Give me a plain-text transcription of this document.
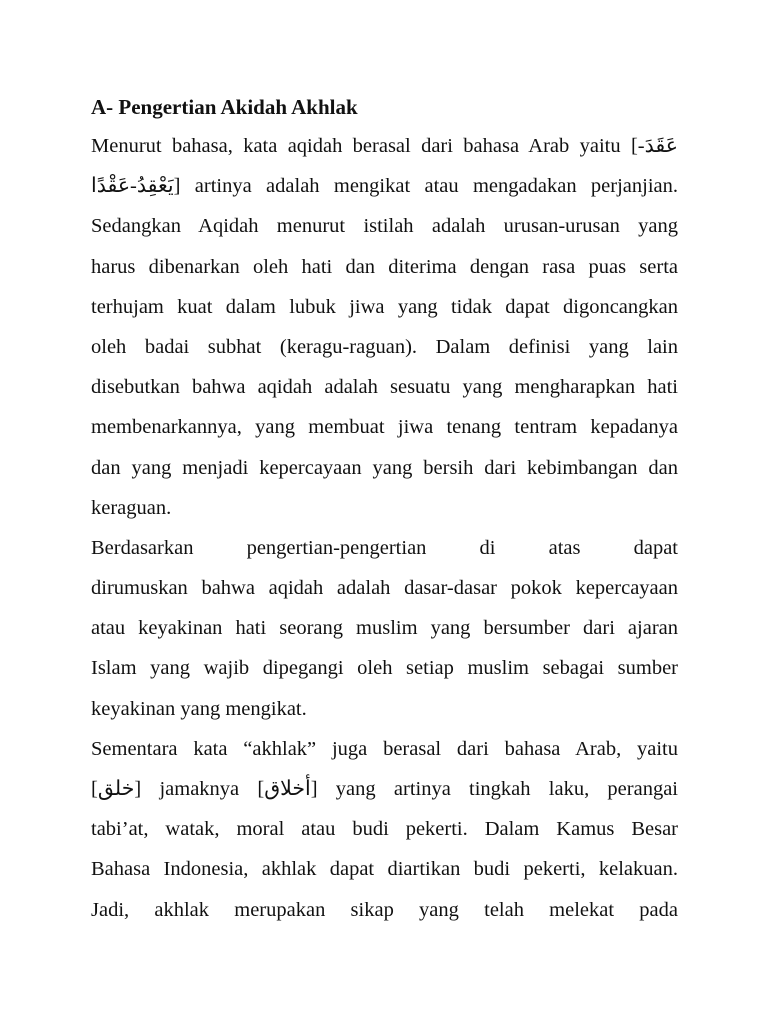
A- Pengertian Akidah Akhlak

Menurut bahasa, kata aqidah berasal dari bahasa Arab yaitu [-عَقَدَ
يَعْقِدُ-عَقْدًا] artinya adalah mengikat atau mengadakan perjanjian.
Sedangkan Aqidah menurut istilah adalah urusan-urusan yang
harus dibenarkan oleh hati dan diterima dengan rasa puas serta
terhujam kuat dalam lubuk jiwa yang tidak dapat digoncangkan
oleh badai subhat (keragu-raguan). Dalam definisi yang lain
disebutkan bahwa aqidah adalah sesuatu yang mengharapkan hati
membenarkannya, yang membuat jiwa tenang tentram kepadanya
dan yang menjadi kepercayaan yang bersih dari kebimbangan dan
keraguan.

Berdasarkan pengertian-pengertian di atas dapat
dirumuskan bahwa aqidah adalah dasar-dasar pokok kepercayaan
atau keyakinan hati seorang muslim yang bersumber dari ajaran
Islam yang wajib dipegangi oleh setiap muslim sebagai sumber
keyakinan yang mengikat.

Sementara kata “akhlak” juga berasal dari bahasa Arab, yaitu
[خلق] jamaknya [أخلاق] yang artinya tingkah laku, perangai
tabi’at, watak, moral atau budi pekerti. Dalam Kamus Besar
Bahasa Indonesia, akhlak dapat diartikan budi pekerti, kelakuan.
Jadi, akhlak merupakan sikap yang telah melekat pada
